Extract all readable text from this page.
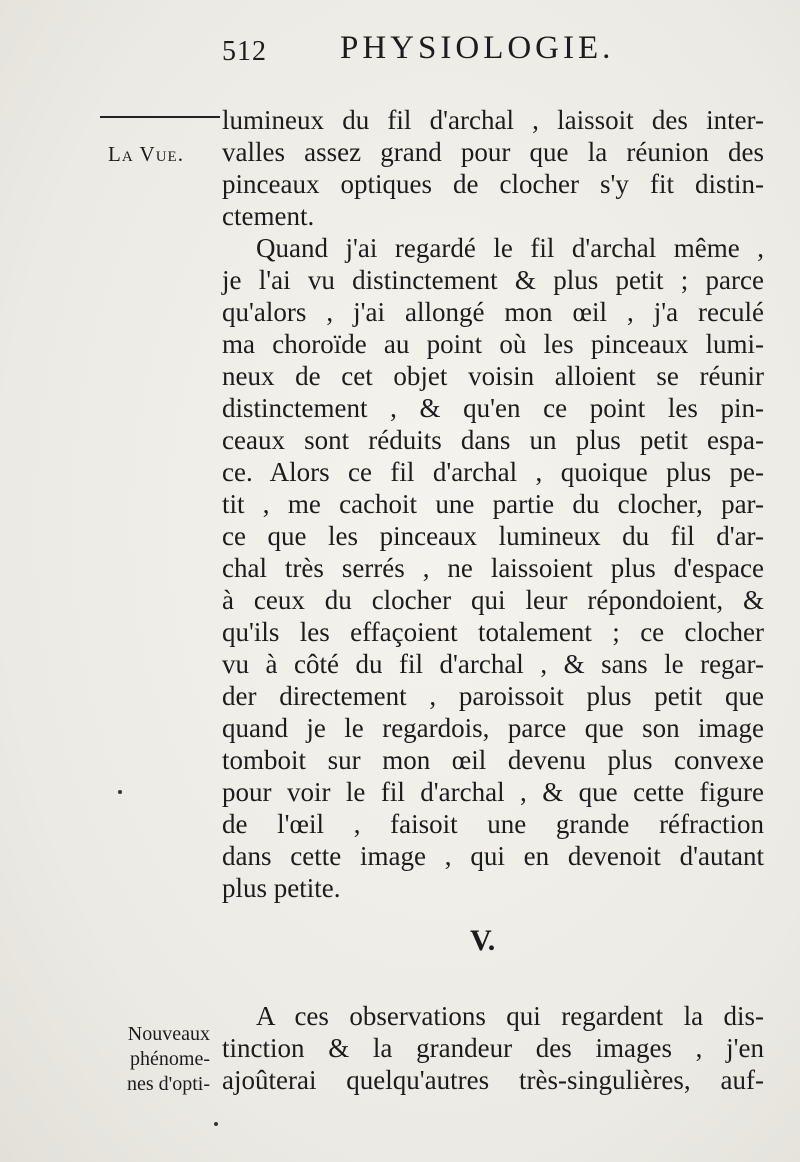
512 PHYSIOLOGIE.
La Vue.
lumineux du fil d'archal , laissoit des inter-
valles assez grand pour que la réunion des
pinceaux optiques de clocher s'y fit distin-
ctement.
Quand j'ai regardé le fil d'archal même ,
je l'ai vu distinctement & plus petit ; parce
qu'alors , j'ai allongé mon œil , j'a reculé
ma choroïde au point où les pinceaux lumi-
neux de cet objet voisin alloient se réunir
distinctement , & qu'en ce point les pin-
ceaux sont réduits dans un plus petit espa-
ce. Alors ce fil d'archal , quoique plus pe-
tit , me cachoit une partie du clocher, par-
ce que les pinceaux lumineux du fil d'ar-
chal très serrés , ne laissoient plus d'espace
à ceux du clocher qui leur répondoient, &
qu'ils les effaçoient totalement ; ce clocher
vu à côté du fil d'archal , & sans le regar-
der directement , paroissoit plus petit que
quand je le regardois, parce que son image
tomboit sur mon œil devenu plus convexe
pour voir le fil d'archal , & que cette figure
de l'œil , faisoit une grande réfraction
dans cette image , qui en devenoit d'autant
plus petite.
V.
A ces observations qui regardent la dis-
tinction & la grandeur des images , j'en
ajoûterai quelqu'autres très-singulières, auf-
Nouveaux
phénome-
nes d'opti-
